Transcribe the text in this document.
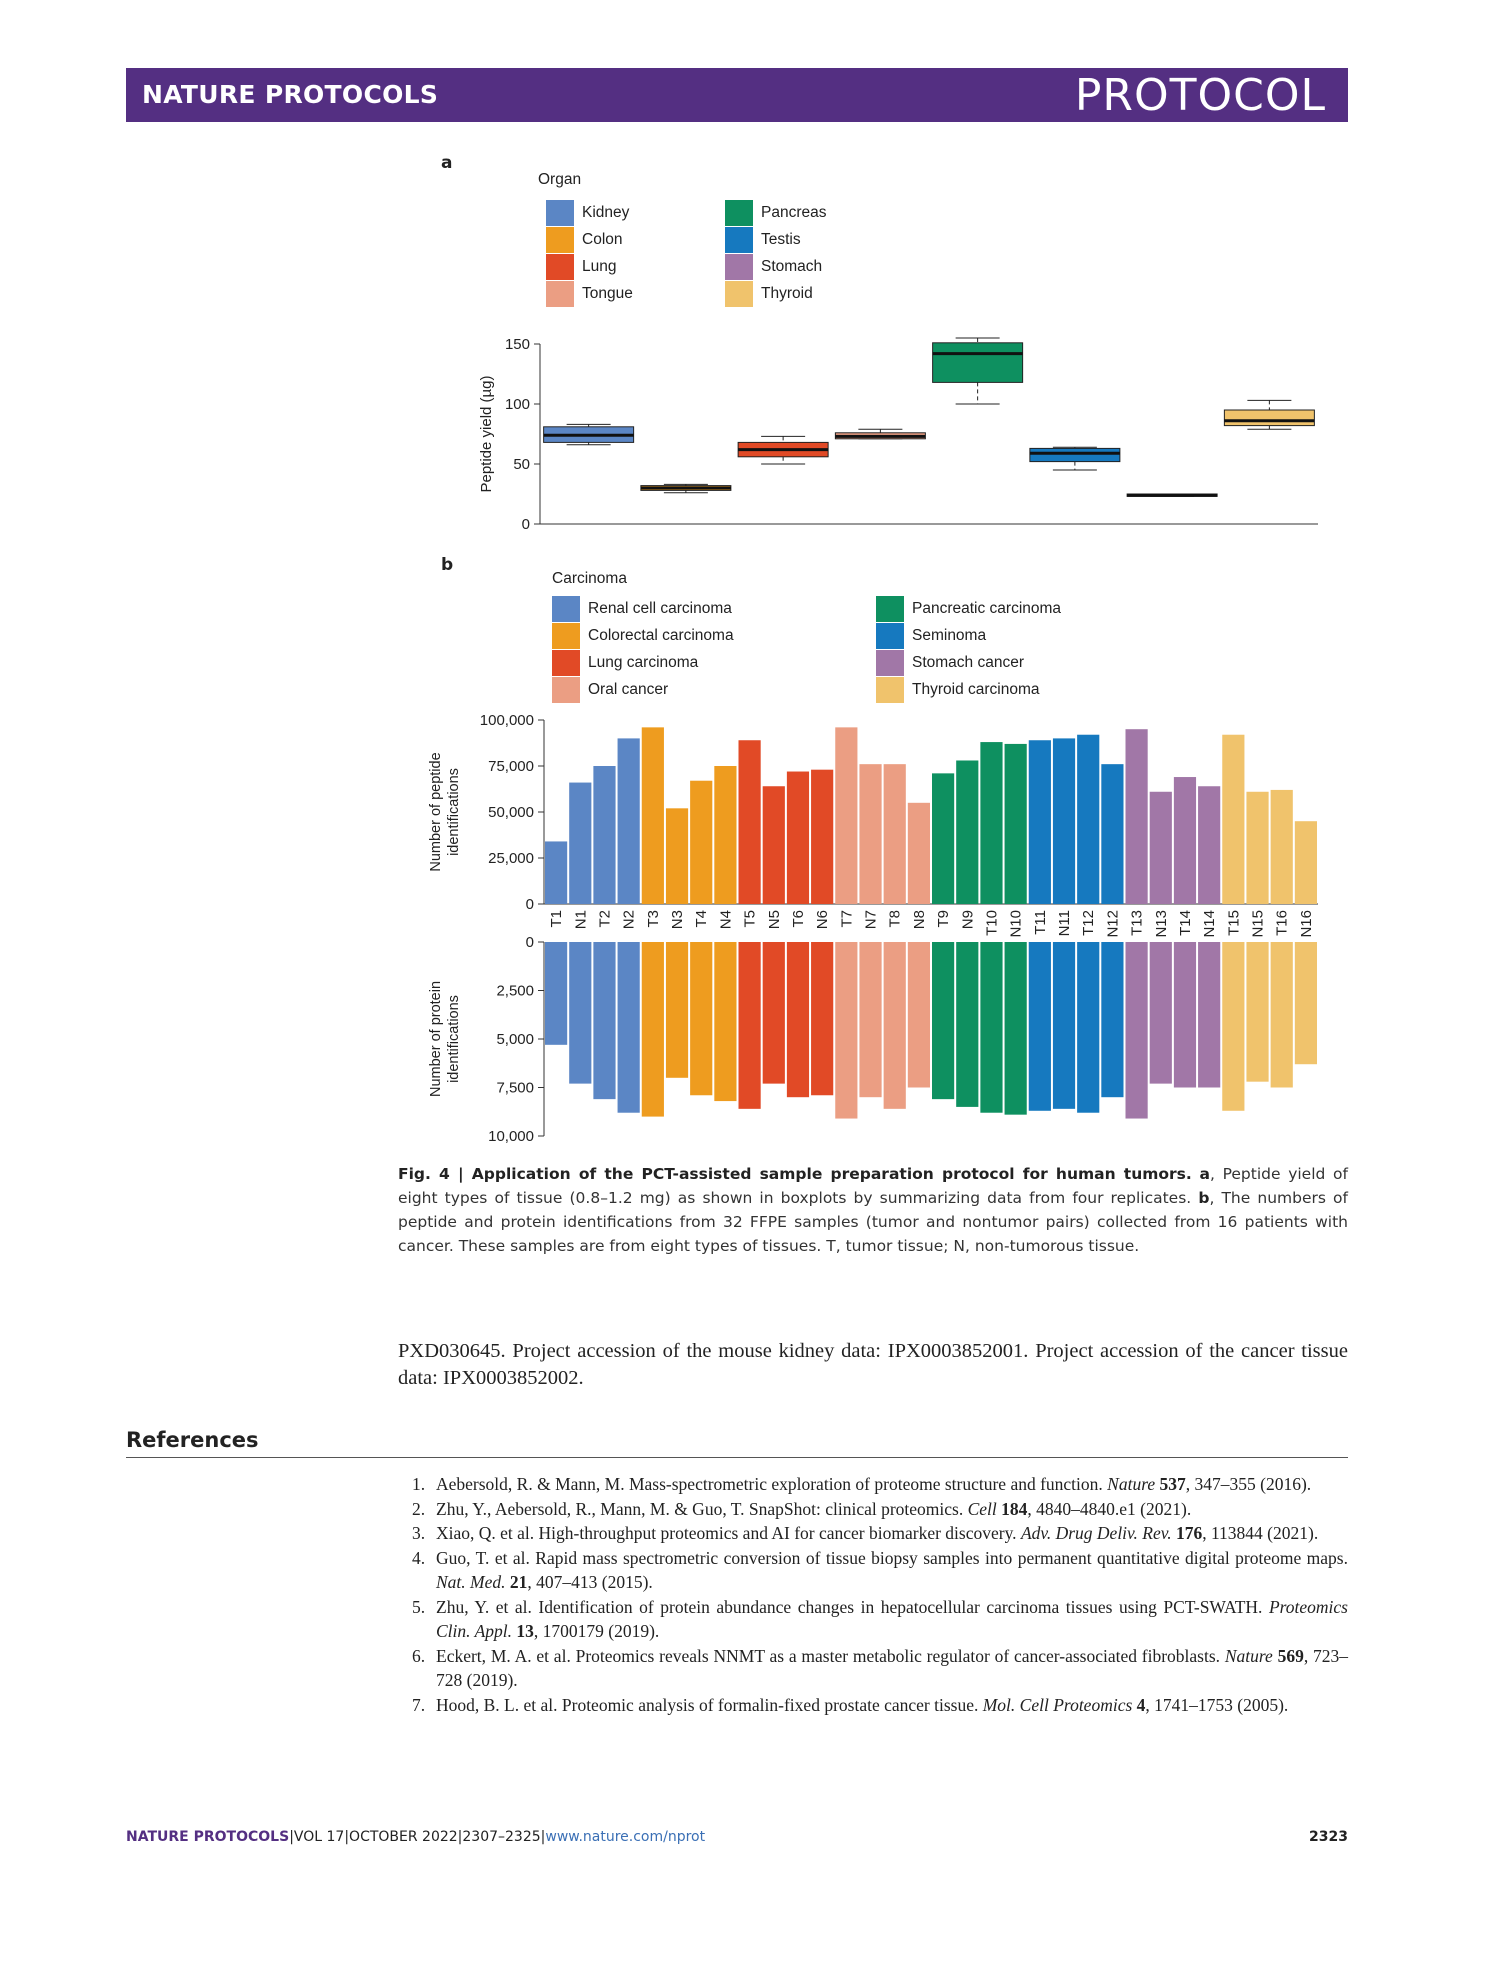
NATURE PROTOCOLS	PROTOCOL
a
Organ
Kidney
Colon
Lung
Tongue
Pancreas
Testis
Stomach
Thyroid
0
50
100
150
Peptide yield (µg)
b
Carcinoma
Renal cell carcinoma
Colorectal carcinoma
Lung carcinoma
Oral cancer
Pancreatic carcinoma
Seminoma
Stomach cancer
Thyroid carcinoma
0
25,000
50,000
75,000
100,000
0
2,500
5,000
7,500
10,000
Number of peptide identifications
Number of protein identifications
T1 N1 T2 N2 T3 N3 T4 N4 T5 N5 T6 N6 T7 N7 T8 N8 T9 N9 T10 N10 T11 N11 T12 N12 T13 N13 T14 N14 T15 N15 T16 N16
Fig. 4 | Application of the PCT-assisted sample preparation protocol for human tumors. a, Peptide yield of eight types of tissue (0.8–1.2 mg) as shown in boxplots by summarizing data from four replicates. b, The numbers of peptide and protein identifications from 32 FFPE samples (tumor and nontumor pairs) collected from 16 patients with cancer. These samples are from eight types of tissues. T, tumor tissue; N, non-tumorous tissue.
PXD030645. Project accession of the mouse kidney data: IPX0003852001. Project accession of the cancer tissue data: IPX0003852002.
References
1. Aebersold, R. & Mann, M. Mass-spectrometric exploration of proteome structure and function. Nature 537, 347–355 (2016).
2. Zhu, Y., Aebersold, R., Mann, M. & Guo, T. SnapShot: clinical proteomics. Cell 184, 4840–4840.e1 (2021).
3. Xiao, Q. et al. High-throughput proteomics and AI for cancer biomarker discovery. Adv. Drug Deliv. Rev. 176, 113844 (2021).
4. Guo, T. et al. Rapid mass spectrometric conversion of tissue biopsy samples into permanent quantitative digital proteome maps. Nat. Med. 21, 407–413 (2015).
5. Zhu, Y. et al. Identification of protein abundance changes in hepatocellular carcinoma tissues using PCT-SWATH. Proteomics Clin. Appl. 13, 1700179 (2019).
6. Eckert, M. A. et al. Proteomics reveals NNMT as a master metabolic regulator of cancer-associated fibroblasts. Nature 569, 723–728 (2019).
7. Hood, B. L. et al. Proteomic analysis of formalin-fixed prostate cancer tissue. Mol. Cell Proteomics 4, 1741–1753 (2005).
NATURE PROTOCOLS|VOL 17|OCTOBER 2022|2307–2325|www.nature.com/nprot	2323
